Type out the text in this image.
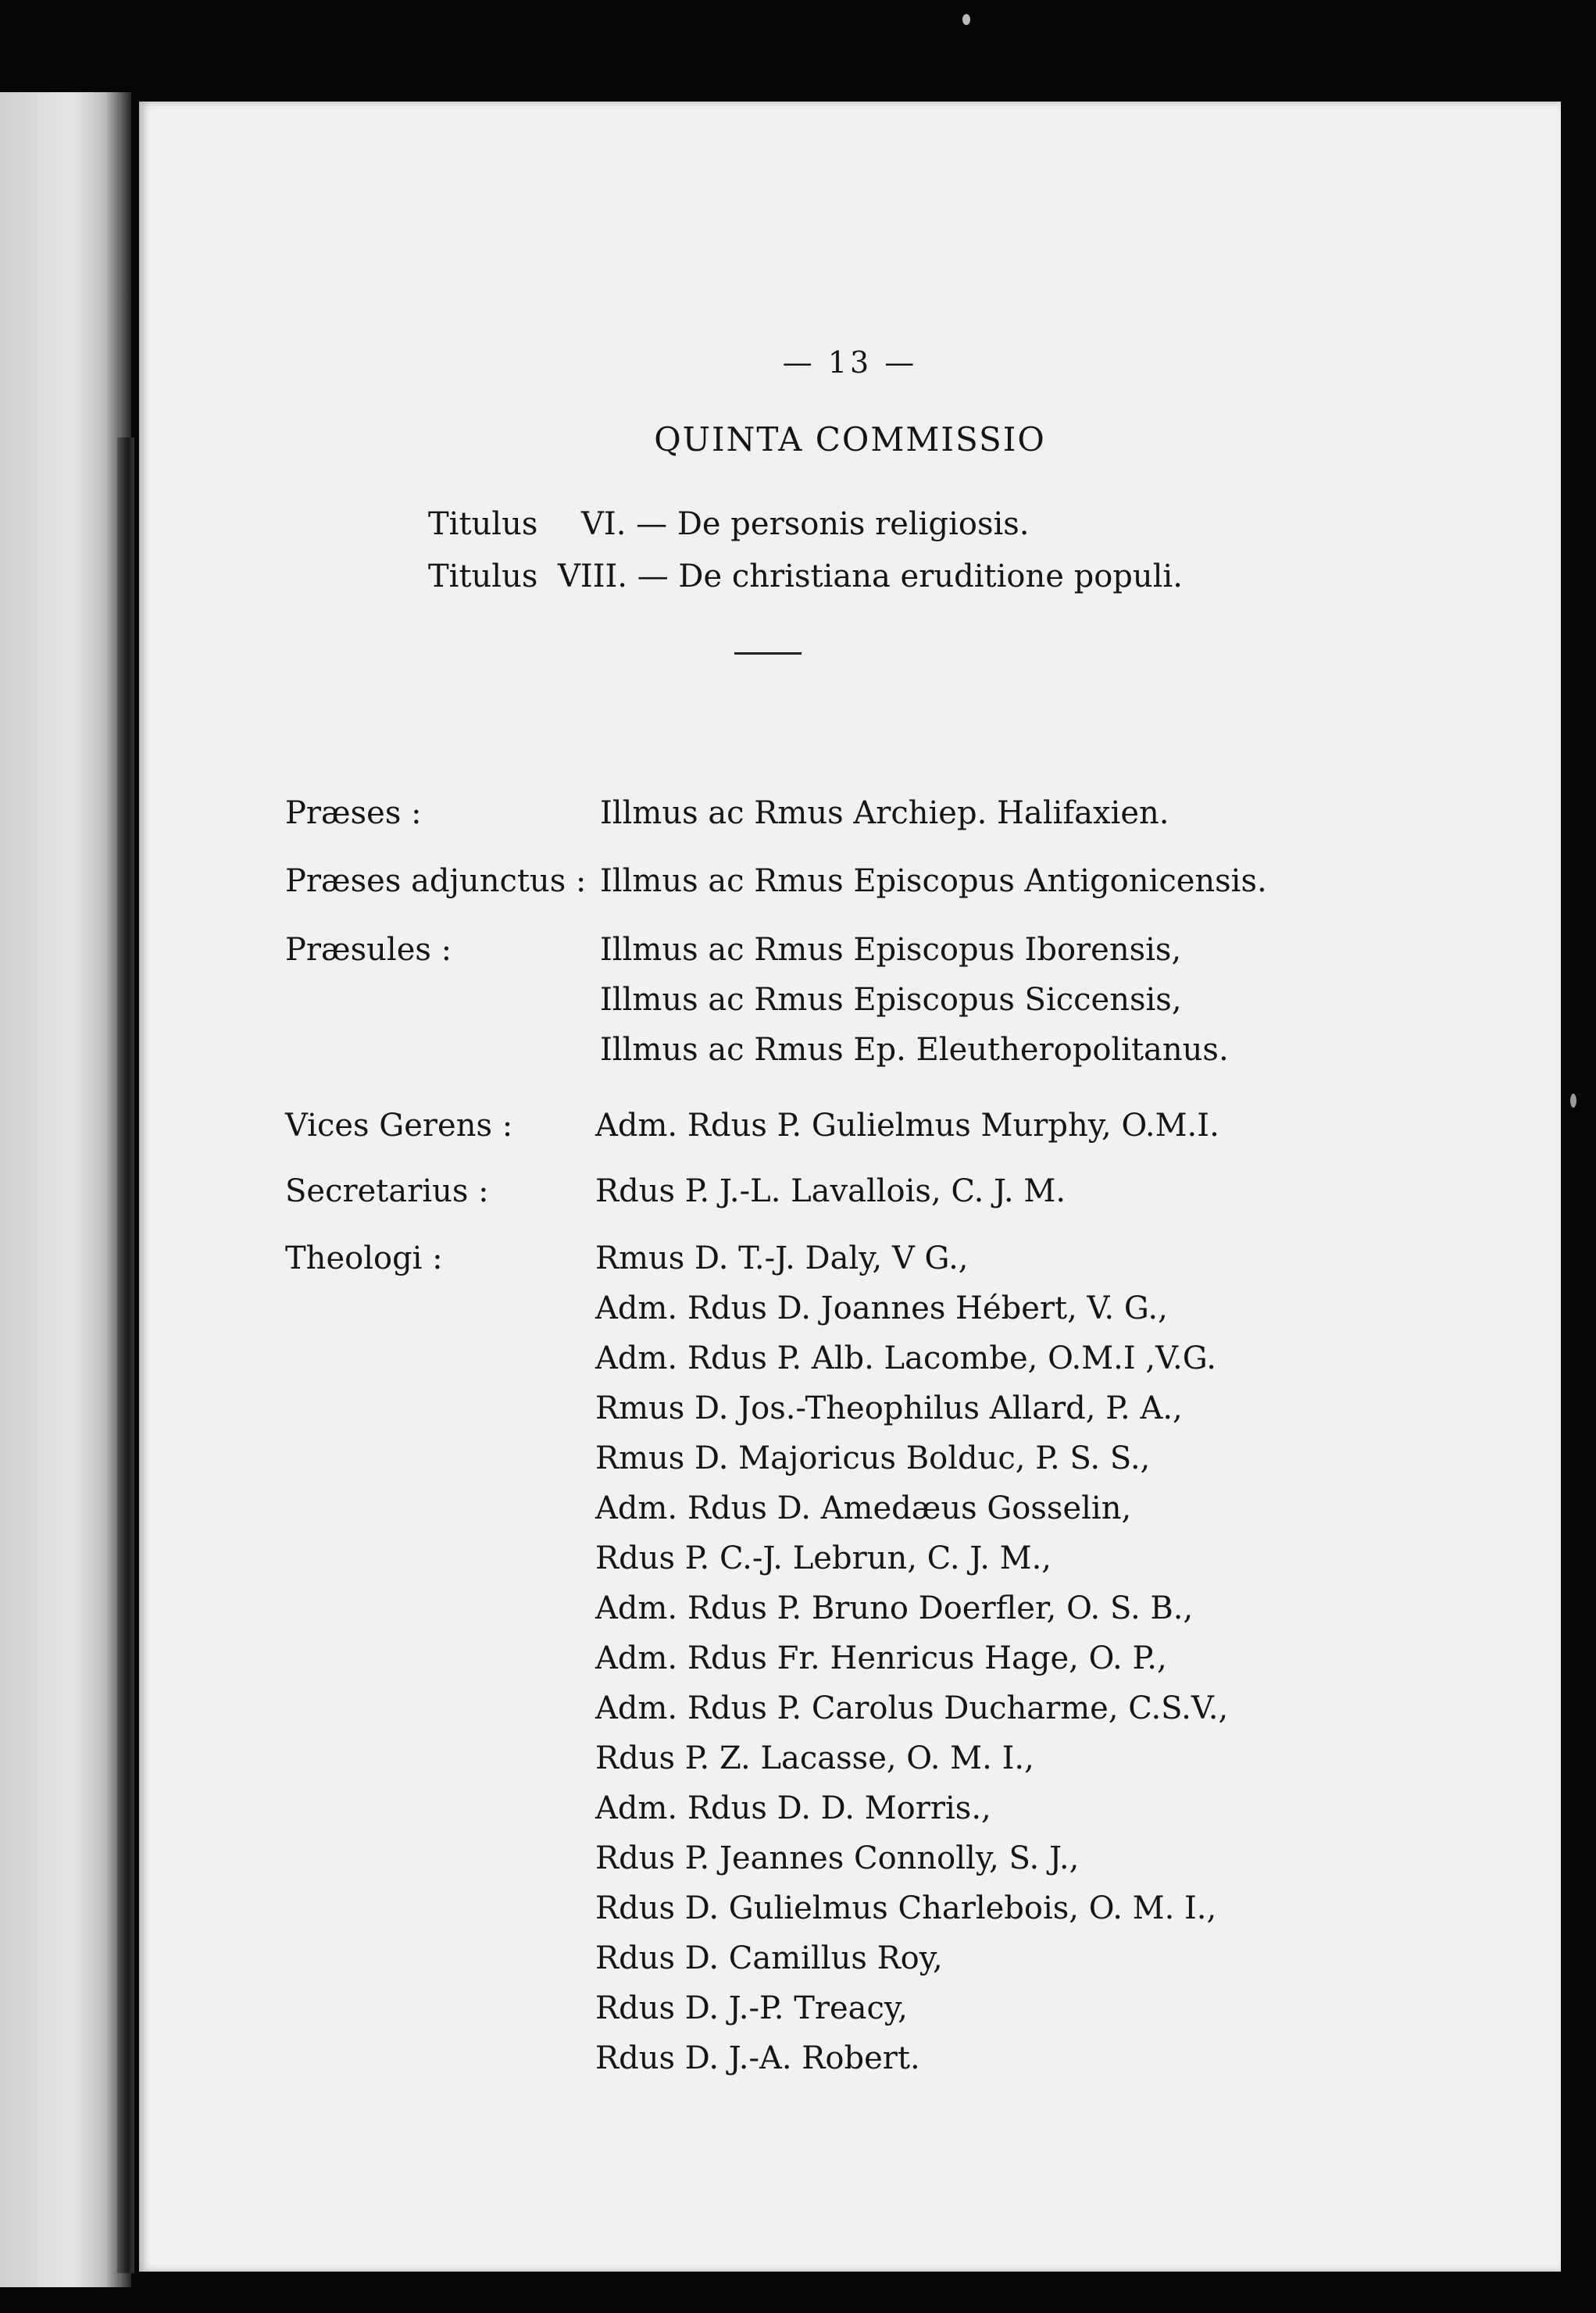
— 13 —
QUINTA COMMISSIO
Titulus VI. — De personis religiosis.
Titulus VIII. — De christiana eruditione populi.
Præses :	Illmus ac Rmus Archiep. Halifaxien.
Præses adjunctus : Illmus ac Rmus Episcopus Antigonicensis.
Præsules :	Illmus ac Rmus Episcopus Iborensis,
Illmus ac Rmus Episcopus Siccensis,
Illmus ac Rmus Ep. Eleutheropolitanus.
Vices Gerens :	Adm. Rdus P. Gulielmus Murphy, O.M.I.
Secretarius :	Rdus P. J.-L. Lavallois, C. J. M.
Theologi :	Rmus D. T.-J. Daly, V G.,
Adm. Rdus D. Joannes Hébert, V. G.,
Adm. Rdus P. Alb. Lacombe, O.M.I ,V.G.
Rmus D. Jos.-Theophilus Allard, P. A.,
Rmus D. Majoricus Bolduc, P. S. S.,
Adm. Rdus D. Amedæus Gosselin,
Rdus P. C.-J. Lebrun, C. J. M.,
Adm. Rdus P. Bruno Doerfler, O. S. B.,
Adm. Rdus Fr. Henricus Hage, O. P.,
Adm. Rdus P. Carolus Ducharme, C.S.V.,
Rdus P. Z. Lacasse, O. M. I.,
Adm. Rdus D. D. Morris.,
Rdus P. Jeannes Connolly, S. J.,
Rdus D. Gulielmus Charlebois, O. M. I.,
Rdus D. Camillus Roy,
Rdus D. J.-P. Treacy,
Rdus D. J.-A. Robert.
